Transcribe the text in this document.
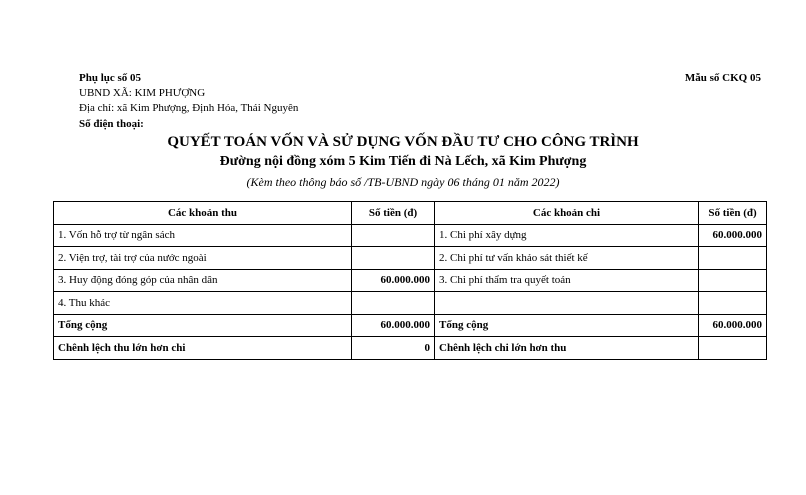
Phụ lục số 05	Mẫu số CKQ 05
UBND XÃ: KIM PHƯỢNG
Địa chỉ: xã Kim Phượng, Định Hóa, Thái Nguyên
Số điện thoại:
QUYẾT TOÁN VỐN VÀ SỬ DỤNG VỐN ĐẦU TƯ CHO CÔNG TRÌNH
Đường nội đồng xóm 5 Kim Tiến đi Nà Lếch, xã Kim Phượng
(Kèm theo thông báo số /TB-UBND ngày 06 tháng 01 năm 2022)
Các khoản thu	Số tiền (đ)	Các khoản chi	Số tiền (đ)
1. Vốn hỗ trợ từ ngân sách		1. Chi phí xây dựng	60.000.000
2. Viện trợ, tài trợ của nước ngoài		2. Chi phí tư vấn khảo sát thiết kế	
3. Huy động đóng góp của nhân dân	60.000.000	3. Chi phí thẩm tra quyết toán	
4. Thu khác			
Tổng cộng	60.000.000	Tổng cộng	60.000.000
Chênh lệch thu lớn hơn chi	0	Chênh lệch chi lớn hơn thu	
